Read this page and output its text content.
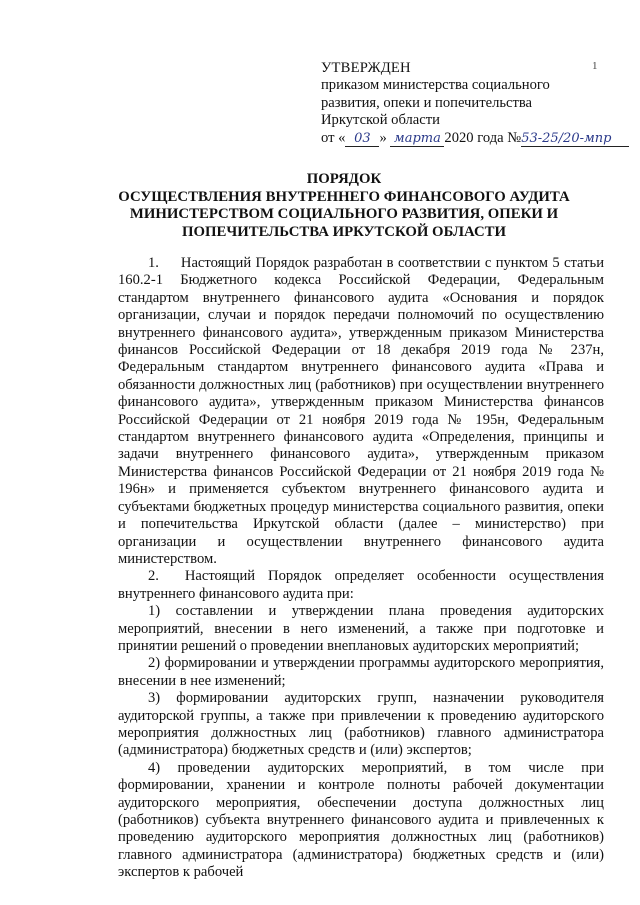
1
УТВЕРЖДЕН
приказом министерства социального
развития, опеки и попечительства
Иркутской области
от « 03 » марта 2020 года №53-25/20-мпр
ПОРЯДОК
ОСУЩЕСТВЛЕНИЯ ВНУТРЕННЕГО ФИНАНСОВОГО АУДИТА
МИНИСТЕРСТВОМ СОЦИАЛЬНОГО РАЗВИТИЯ, ОПЕКИ И
ПОПЕЧИТЕЛЬСТВА ИРКУТСКОЙ ОБЛАСТИ

1.     Настоящий Порядок разработан в соответствии с пунктом 5 статьи 160.2-1 Бюджетного кодекса Российской Федерации, Федеральным стандартом внутреннего финансового аудита «Основания и порядок организации, случаи и порядок передачи полномочий по осуществлению внутреннего финансового аудита», утвержденным приказом Министерства финансов Российской Федерации от 18 декабря 2019 года № 237н, Федеральным стандартом внутреннего финансового аудита «Права и обязанности должностных лиц (работников) при осуществлении внутреннего финансового аудита», утвержденным приказом Министерства финансов Российской Федерации от 21 ноября 2019 года № 195н, Федеральным стандартом внутреннего финансового аудита «Определения, принципы и задачи внутреннего финансового аудита», утвержденным приказом Министерства финансов Российской Федерации от 21 ноября 2019 года № 196н» и применяется субъектом внутреннего финансового аудита и субъектами бюджетных процедур министерства социального развития, опеки и попечительства Иркутской области (далее – министерство) при организации и осуществлении внутреннего финансового аудита министерством.

2.  Настоящий Порядок определяет особенности осуществления внутреннего финансового аудита при:

1) составлении и утверждении плана проведения аудиторских мероприятий, внесении в него изменений, а также при подготовке и принятии решений о проведении внеплановых аудиторских мероприятий;

2) формировании и утверждении программы аудиторского мероприятия, внесении в нее изменений;

3) формировании аудиторских групп, назначении руководителя аудиторской группы, а также при привлечении к проведению аудиторского мероприятия должностных лиц (работников) главного администратора (администратора) бюджетных средств и (или) экспертов;

4) проведении аудиторских мероприятий, в том числе при формировании, хранении и контроле полноты рабочей документации аудиторского мероприятия, обеспечении доступа должностных лиц (работников) субъекта внутреннего финансового аудита и привлеченных к проведению аудиторского мероприятия должностных лиц (работников) главного администратора (администратора) бюджетных средств и (или) экспертов к рабочей
